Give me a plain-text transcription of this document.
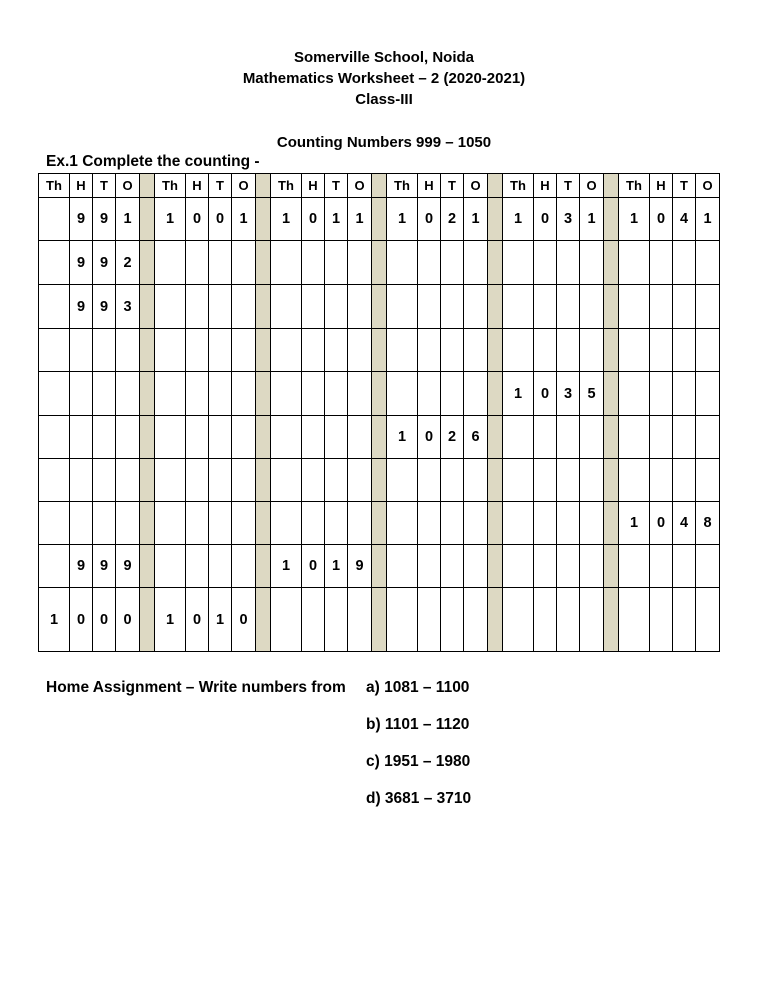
Somerville School, Noida
Mathematics Worksheet – 2 (2020-2021)
Class-III
Counting Numbers 999 – 1050
Ex.1 Complete the counting -
Th	H	T	O		Th	H	T	O		Th	H	T	O		Th	H	T	O		Th	H	T	O		Th	H	T	O
	9	9	1		1	0	0	1		1	0	1	1		1	0	2	1		1	0	3	1		1	0	4	1
	9	9	2																									
	9	9	3																									

																				1	0	3	5					
															1	0	2	6										

																									1	0	4	8
	9	9	9							1	0	1	9															
1	0	0	0		1	0	1	0																				
Home Assignment – Write numbers from a) 1081 – 1100
b) 1101 – 1120
c) 1951 – 1980
d) 3681 – 3710
